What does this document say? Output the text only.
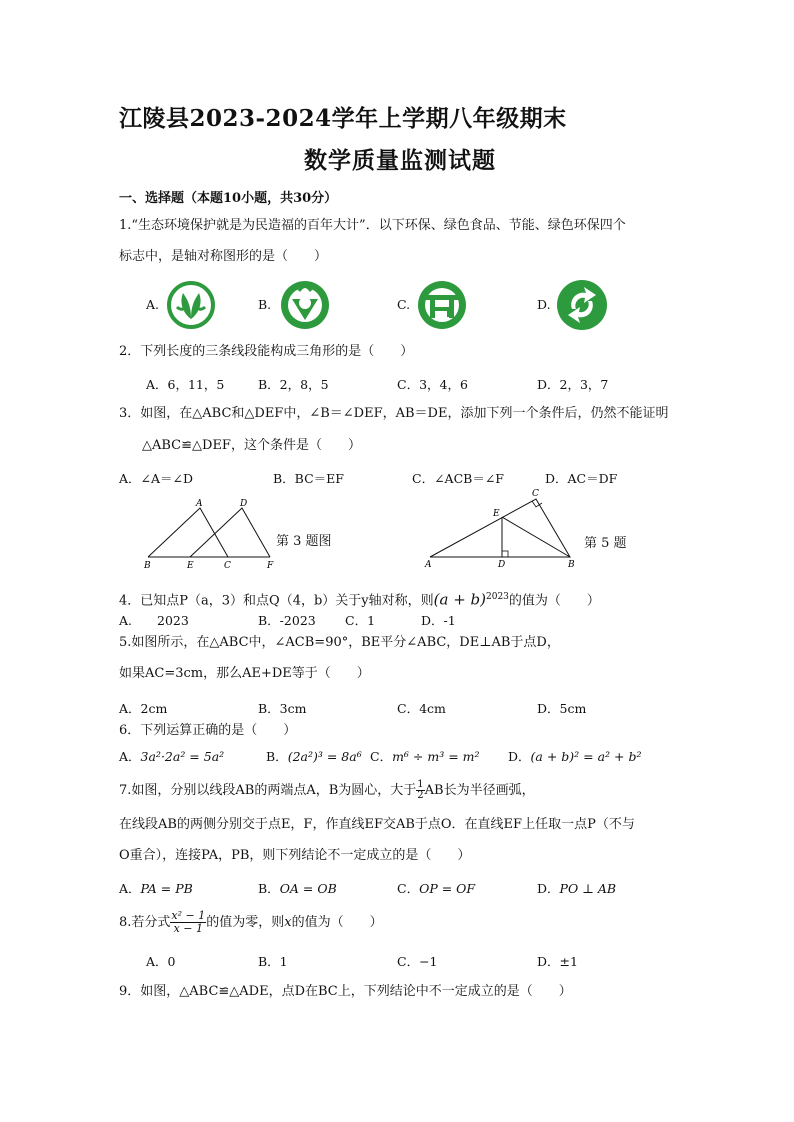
江陵县2023-2024学年上学期八年级期末
数学质量监测试题
一、选择题（本题10小题，共30分）
1.“生态环境保护就是为民造福的百年大计”．以下环保、绿色食品、节能、绿色环保四个
标志中，是轴对称图形的是（　　）
A.	B.	C.	D.
2．下列长度的三条线段能构成三角形的是（　　）
A．6，11，5	B．2，8，5	C．3，4，6	D．2，3，7
3．如图，在△ABC和△DEF中，∠B＝∠DEF，AB＝DE，添加下列一个条件后，仍然不能证明
△ABC≌△DEF，这个条件是（　　）
A．∠A＝∠D	B．BC＝EF	C．∠ACB＝∠F	D．AC＝DF
A	D
B	E	C	F
第 3 题图
C
E
A	D	B
第 5 题
4．已知点P（a，3）和点Q（4，b）关于y轴对称，则$(a + b)^{2023}$的值为（　　）
A.　　2023	B．-2023 C．1	D．-1
5.如图所示，在△ABC中，∠ACB=90°，BE平分∠ABC，DE⊥AB于点D，
如果AC=3cm，那么AE+DE等于（　　）
A．2cm	B．3cm	C．4cm	D．5cm
6．下列运算正确的是（　　）
A．3a²·2a² = 5a²	B．(2a²)³ = 8a⁶ C．m⁶ ÷ m³ = m² D．(a + b)² = a² + b²
7.如图，分别以线段AB的两端点A，B为圆心，大于 $\frac{1}{2}$ AB长为半径画弧，
在线段AB的两侧分别交于点E，F，作直线EF交AB于点O．在直线EF上任取一点P（不与
O重合），连接PA，PB，则下列结论不一定成立的是（　　）
A．PA = PB	B．OA = OB	C．OP = OF	D．PO ⊥ AB
8.若分式 $\frac{\text{x² − 1}}{x - 1}$ 的值为零，则x的值为（　　）
A．0	B．1	C．−1	D．±1
9．如图，△ABC≌△ADE，点D在BC上，下列结论中不一定成立的是（　　）
